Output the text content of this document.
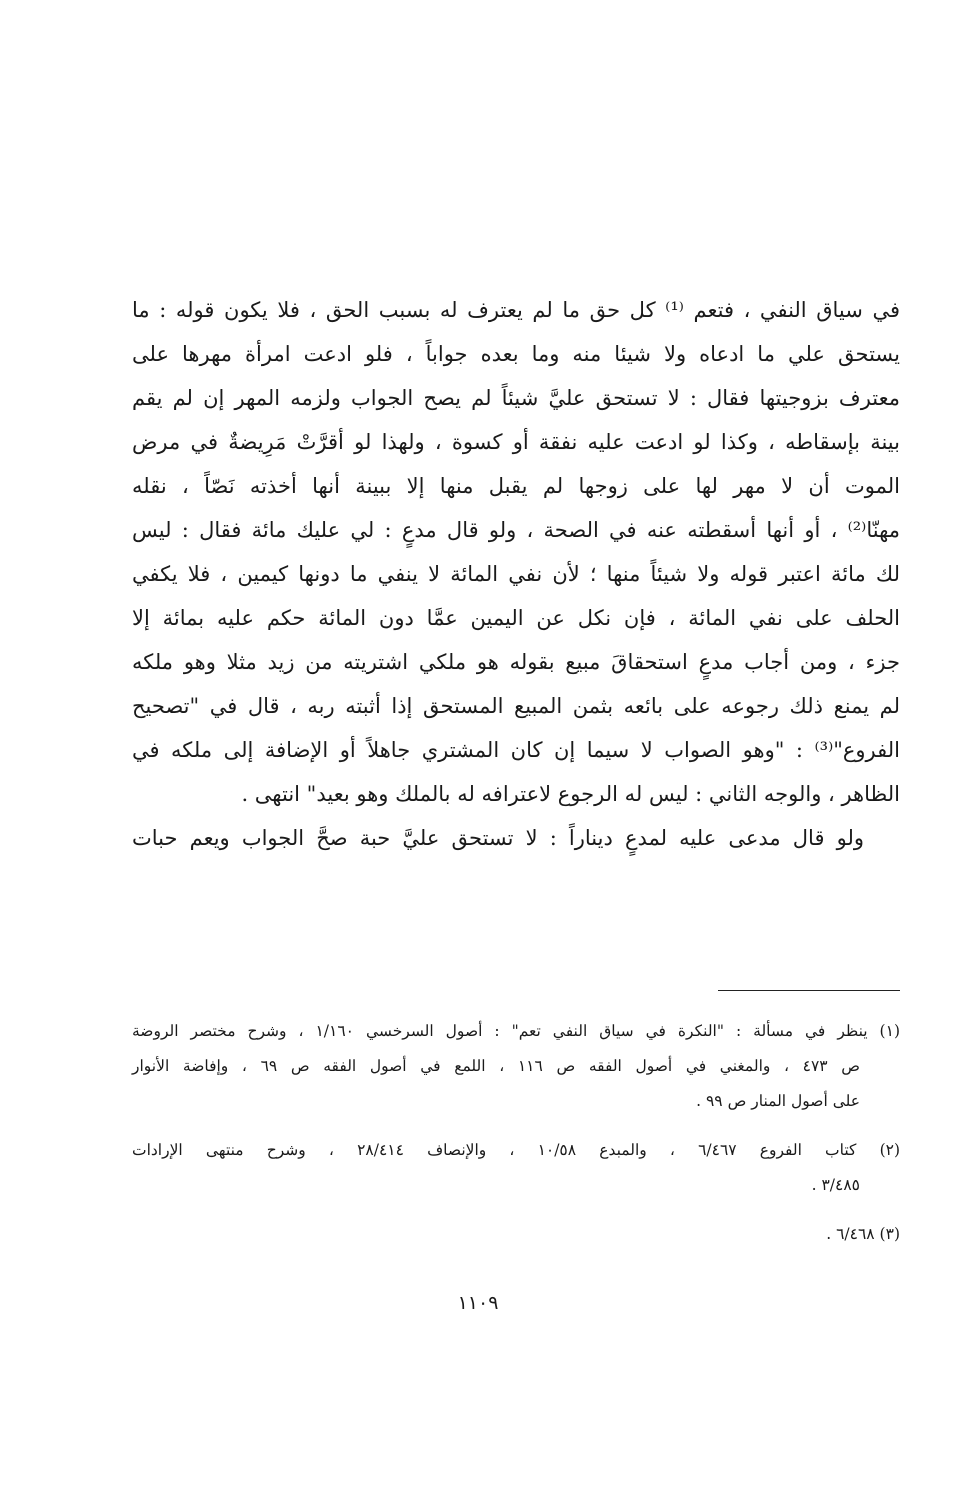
في سياق النفي ، فتعم ⁽¹⁾ كل حق ما لم يعترف له بسبب الحق ، فلا يكون قوله : ما
يستحق علي ما ادعاه ولا شيئا منه وما بعده جواباً ، فلو ادعت امرأة مهرها على
معترف بزوجيتها فقال : لا تستحق عليَّ شيئاً لم يصح الجواب ولزمه المهر إن لم يقم
بينة بإسقاطه ، وكذا لو ادعت عليه نفقة أو كسوة ، ولهذا لو أقرَّتْ مَرِيضةٌ في مرض
الموت أن لا مهر لها على زوجها لم يقبل منها إلا ببينة أنها أخذته نَصّاً ، نقله
مهنّا⁽²⁾ ، أو أنها أسقطته عنه في الصحة ، ولو قال مدعٍ : لي عليك مائة فقال : ليس
لك مائة اعتبر قوله ولا شيئاً منها ؛ لأن نفي المائة لا ينفي ما دونها كيمين ، فلا يكفي
الحلف على نفي المائة ، فإن نكل عن اليمين عمَّا دون المائة حكم عليه بمائة إلا
جزء ، ومن أجاب مدعٍ استحقاقَ مبيع بقوله هو ملكي اشتريته من زيد مثلا وهو ملكه
لم يمنع ذلك رجوعه على بائعه بثمن المبيع المستحق إذا أثبته ربه ، قال في "تصحيح
الفروع"⁽³⁾ : "وهو الصواب لا سيما إن كان المشتري جاهلاً أو الإضافة إلى ملكه في
الظاهر ، والوجه الثاني : ليس له الرجوع لاعترافه له بالملك وهو بعيد" انتهى .
ولو قال مدعى عليه لمدعٍ ديناراً : لا تستحق عليَّ حبة صحَّ الجواب ويعم حبات
(١) ينظر في مسألة : "النكرة في سياق النفي تعم" : أصول السرخسي ١/١٦٠ ، وشرح مختصر الروضة
ص ٤٧٣ ، والمغني في أصول الفقه ص ١١٦ ، اللمع في أصول الفقه ص ٦٩ ، وإفاضة الأنوار
على أصول المنار ص ٩٩ .
(٢) كتاب الفروع ٦/٤٦٧ ، والمبدع ١٠/٥٨ ، والإنصاف ٢٨/٤١٤ ، وشرح منتهى الإرادات
٣/٤٨٥ .
(٣) ٦/٤٦٨ .
١١٠٩
